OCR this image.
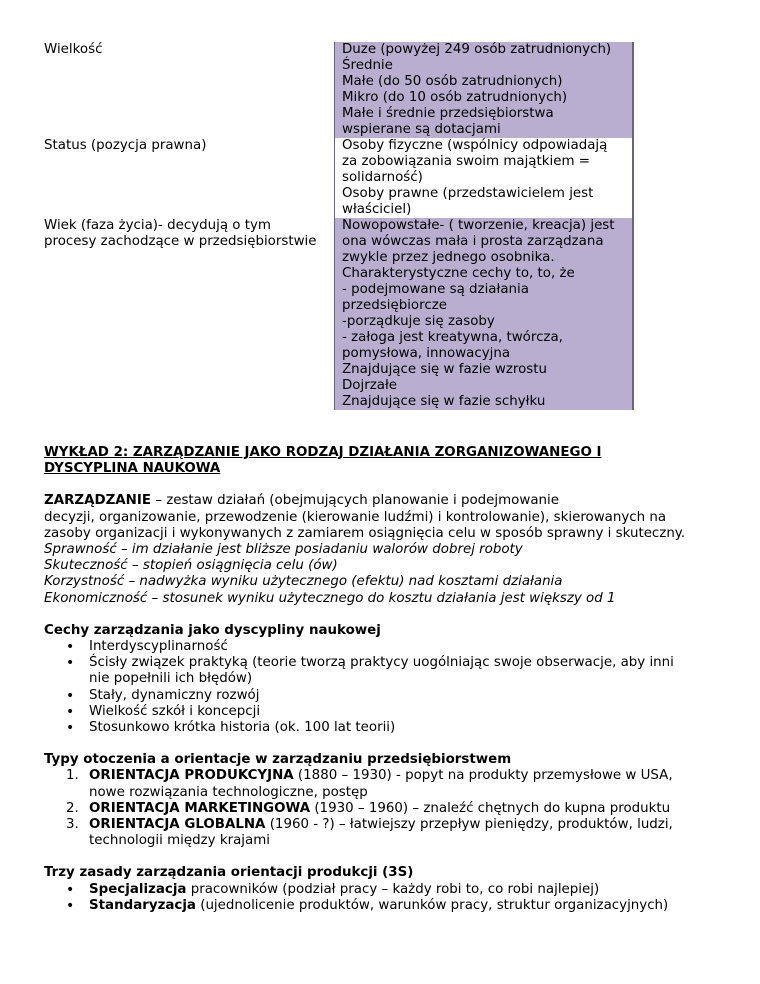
Wielkość	Duze (powyżej 249 osób zatrudnionych)
Średnie
Małe (do 50 osób zatrudnionych)
Mikro (do 10 osób zatrudnionych)
Małe i średnie przedsiębiorstwa
wspierane są dotacjami
Status (pozycja prawna)	Osoby fizyczne (wspólnicy odpowiadają
za zobowiązania swoim majątkiem =
solidarność)
Osoby prawne (przedstawicielem jest
właściciel)
Wiek (faza życia)- decydują o tym
procesy zachodzące w przedsiębiorstwie
Nowopowstałe- ( tworzenie, kreacja) jest
ona wówczas mała i prosta zarządzana
zwykle przez jednego osobnika.
Charakterystyczne cechy to, to, że
- podejmowane są działania
przedsiębiorcze
-porządkuje się zasoby
- załoga jest kreatywna, twórcza,
pomysłowa, innowacyjna
Znajdujące się w fazie wzrostu
Dojrzałe
Znajdujące się w fazie schyłku
WYKŁAD 2: ZARZĄDZANIE JAKO RODZAJ DZIAŁANIA ZORGANIZOWANEGO I
DYSCYPLINA NAUKOWA
ZARZĄDZANIE – zestaw działań (obejmujących planowanie i podejmowanie
decyzji, organizowanie, przewodzenie (kierowanie ludźmi) i kontrolowanie), skierowanych na
zasoby organizacji i wykonywanych z zamiarem osiągnięcia celu w sposób sprawny i skuteczny.
Sprawność – im działanie jest bliższe posiadaniu walorów dobrej roboty
Skuteczność – stopień osiągnięcia celu (ów)
Korzystność – nadwyżka wyniku użytecznego (efektu) nad kosztami działania
Ekonomiczność – stosunek wyniku użytecznego do kosztu działania jest większy od 1
Cechy zarządzania jako dyscypliny naukowej
• Interdyscyplinarność
• Ścisły związek praktyką (teorie tworzą praktycy uogólniając swoje obserwacje, aby inni
nie popełnili ich błędów)
• Stały, dynamiczny rozwój
• Wielkość szkół i koncepcji
• Stosunkowo krótka historia (ok. 100 lat teorii)
Typy otoczenia a orientacje w zarządzaniu przedsiębiorstwem
1. ORIENTACJA PRODUKCYJNA (1880 – 1930) - popyt na produkty przemysłowe w USA,
nowe rozwiązania technologiczne, postęp
2. ORIENTACJA MARKETINGOWA (1930 – 1960) – znaleźć chętnych do kupna produktu
3. ORIENTACJA GLOBALNA (1960 - ?) – łatwiejszy przepływ pieniędzy, produktów, ludzi,
technologii między krajami
Trzy zasady zarządzania orientacji produkcji (3S)
• Specjalizacja pracowników (podział pracy – każdy robi to, co robi najlepiej)
• Standaryzacja (ujednolicenie produktów, warunków pracy, struktur organizacyjnych)
